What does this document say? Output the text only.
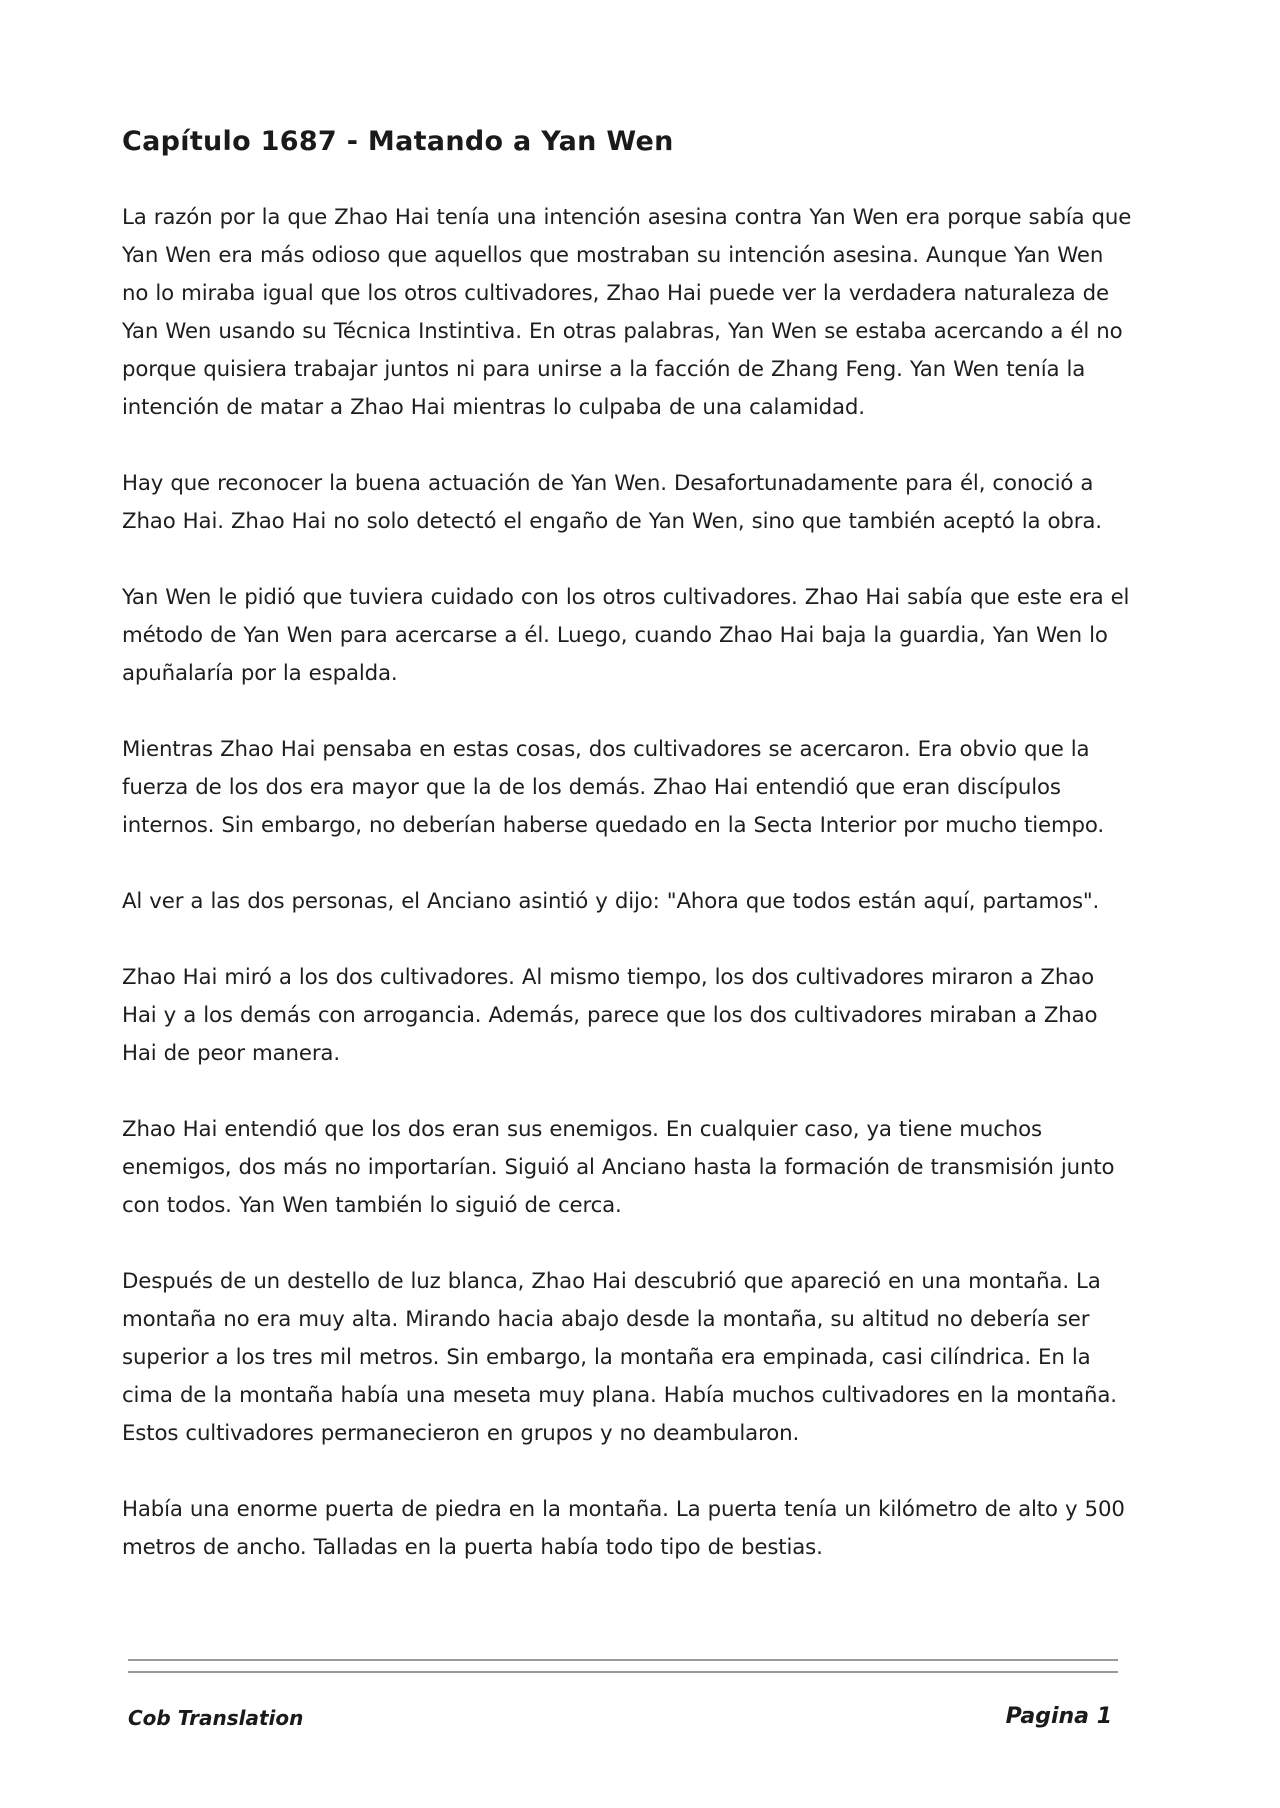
Capítulo 1687 - Matando a Yan Wen

La razón por la que Zhao Hai tenía una intención asesina contra Yan Wen era porque sabía que Yan Wen era más odioso que aquellos que mostraban su intención asesina. Aunque Yan Wen no lo miraba igual que los otros cultivadores, Zhao Hai puede ver la verdadera naturaleza de Yan Wen usando su Técnica Instintiva. En otras palabras, Yan Wen se estaba acercando a él no porque quisiera trabajar juntos ni para unirse a la facción de Zhang Feng. Yan Wen tenía la intención de matar a Zhao Hai mientras lo culpaba de una calamidad.

Hay que reconocer la buena actuación de Yan Wen. Desafortunadamente para él, conoció a Zhao Hai. Zhao Hai no solo detectó el engaño de Yan Wen, sino que también aceptó la obra.

Yan Wen le pidió que tuviera cuidado con los otros cultivadores. Zhao Hai sabía que este era el método de Yan Wen para acercarse a él. Luego, cuando Zhao Hai baja la guardia, Yan Wen lo apuñalaría por la espalda.

Mientras Zhao Hai pensaba en estas cosas, dos cultivadores se acercaron. Era obvio que la fuerza de los dos era mayor que la de los demás. Zhao Hai entendió que eran discípulos internos. Sin embargo, no deberían haberse quedado en la Secta Interior por mucho tiempo.

Al ver a las dos personas, el Anciano asintió y dijo: "Ahora que todos están aquí, partamos".

Zhao Hai miró a los dos cultivadores. Al mismo tiempo, los dos cultivadores miraron a Zhao Hai y a los demás con arrogancia. Además, parece que los dos cultivadores miraban a Zhao Hai de peor manera.

Zhao Hai entendió que los dos eran sus enemigos. En cualquier caso, ya tiene muchos enemigos, dos más no importarían. Siguió al Anciano hasta la formación de transmisión junto con todos. Yan Wen también lo siguió de cerca.

Después de un destello de luz blanca, Zhao Hai descubrió que apareció en una montaña. La montaña no era muy alta. Mirando hacia abajo desde la montaña, su altitud no debería ser superior a los tres mil metros. Sin embargo, la montaña era empinada, casi cilíndrica. En la cima de la montaña había una meseta muy plana. Había muchos cultivadores en la montaña. Estos cultivadores permanecieron en grupos y no deambularon.

Había una enorme puerta de piedra en la montaña. La puerta tenía un kilómetro de alto y 500 metros de ancho. Talladas en la puerta había todo tipo de bestias.

Cob Translation	Pagina 1
